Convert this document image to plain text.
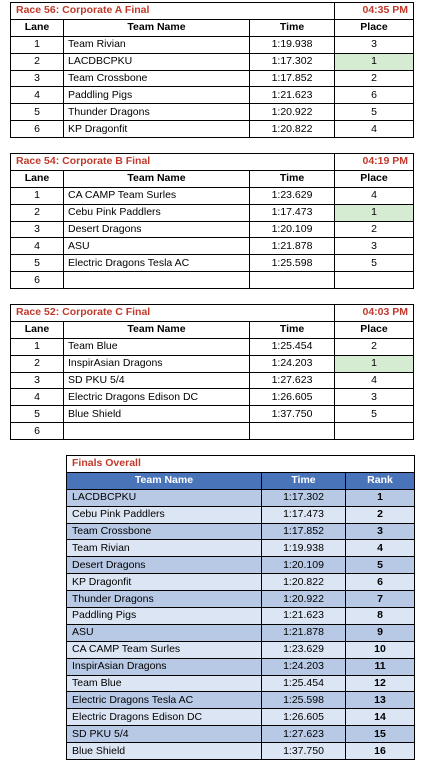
Race 56: Corporate A Final			04:35 PM
Lane	Team Name	Time	Place
1	Team Rivian	1:19.938	3
2	LACDBCPKU	1:17.302	1
3	Team Crossbone	1:17.852	2
4	Paddling Pigs	1:21.623	6
5	Thunder Dragons	1:20.922	5
6	KP Dragonfit	1:20.822	4
Race 54: Corporate B Final			04:19 PM
Lane	Team Name	Time	Place
1	CA CAMP Team Surles	1:23.629	4
2	Cebu Pink Paddlers	1:17.473	1
3	Desert Dragons	1:20.109	2
4	ASU	1:21.878	3
5	Electric Dragons Tesla AC	1:25.598	5
6			
Race 52: Corporate C Final			04:03 PM
Lane	Team Name	Time	Place
1	Team Blue	1:25.454	2
2	InspirAsian Dragons	1:24.203	1
3	SD PKU 5/4	1:27.623	4
4	Electric Dragons Edison DC	1:26.605	3
5	Blue Shield	1:37.750	5
6			
Finals Overall		
Team Name	Time	Rank
LACDBCPKU	1:17.302	1
Cebu Pink Paddlers	1:17.473	2
Team Crossbone	1:17.852	3
Team Rivian	1:19.938	4
Desert Dragons	1:20.109	5
KP Dragonfit	1:20.822	6
Thunder Dragons	1:20.922	7
Paddling Pigs	1:21.623	8
ASU	1:21.878	9
CA CAMP Team Surles	1:23.629	10
InspirAsian Dragons	1:24.203	11
Team Blue	1:25.454	12
Electric Dragons Tesla AC	1:25.598	13
Electric Dragons Edison DC	1:26.605	14
SD PKU 5/4	1:27.623	15
Blue Shield	1:37.750	16
